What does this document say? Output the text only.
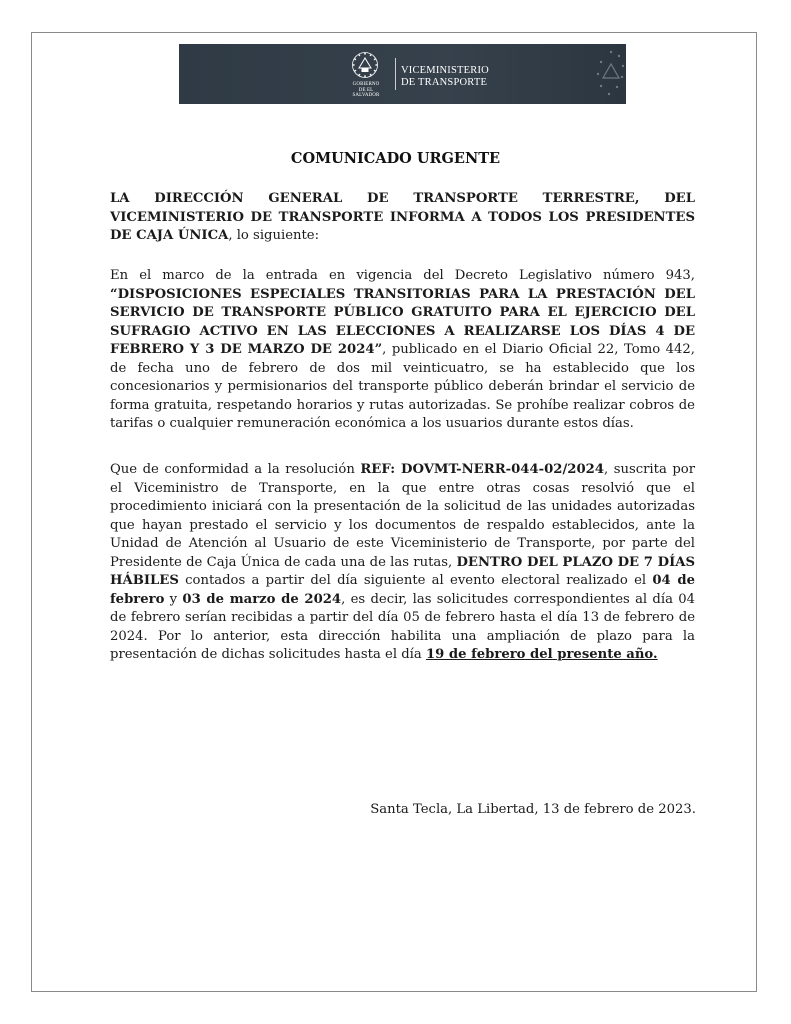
GOBIERNO DE EL SALVADOR
VICEMINISTERIO
DE TRANSPORTE
COMUNICADO URGENTE
LA DIRECCIÓN GENERAL DE TRANSPORTE TERRESTRE, DEL VICEMINISTERIO DE TRANSPORTE INFORMA A TODOS LOS PRESIDENTES DE CAJA ÚNICA, lo siguiente:
En el marco de la entrada en vigencia del Decreto Legislativo número 943, “DISPOSICIONES ESPECIALES TRANSITORIAS PARA LA PRESTACIÓN DEL SERVICIO DE TRANSPORTE PÚBLICO GRATUITO PARA EL EJERCICIO DEL SUFRAGIO ACTIVO EN LAS ELECCIONES A REALIZARSE LOS DÍAS 4 DE FEBRERO Y 3 DE MARZO DE 2024”, publicado en el Diario Oficial 22, Tomo 442, de fecha uno de febrero de dos mil veinticuatro, se ha establecido que los concesionarios y permisionarios del transporte público deberán brindar el servicio de forma gratuita, respetando horarios y rutas autorizadas. Se prohíbe realizar cobros de tarifas o cualquier remuneración económica a los usuarios durante estos días.
Que de conformidad a la resolución REF: DOVMT-NERR-044-02/2024, suscrita por el Viceministro de Transporte, en la que entre otras cosas resolvió que el procedimiento iniciará con la presentación de la solicitud de las unidades autorizadas que hayan prestado el servicio y los documentos de respaldo establecidos, ante la Unidad de Atención al Usuario de este Viceministerio de Transporte, por parte del Presidente de Caja Única de cada una de las rutas, DENTRO DEL PLAZO DE 7 DÍAS HÁBILES contados a partir del día siguiente al evento electoral realizado el 04 de febrero y 03 de marzo de 2024, es decir, las solicitudes correspondientes al día 04 de febrero serían recibidas a partir del día 05 de febrero hasta el día 13 de febrero de 2024. Por lo anterior, esta dirección habilita una ampliación de plazo para la presentación de dichas solicitudes hasta el día 19 de febrero del presente año.
Santa Tecla, La Libertad, 13 de febrero de 2023.
